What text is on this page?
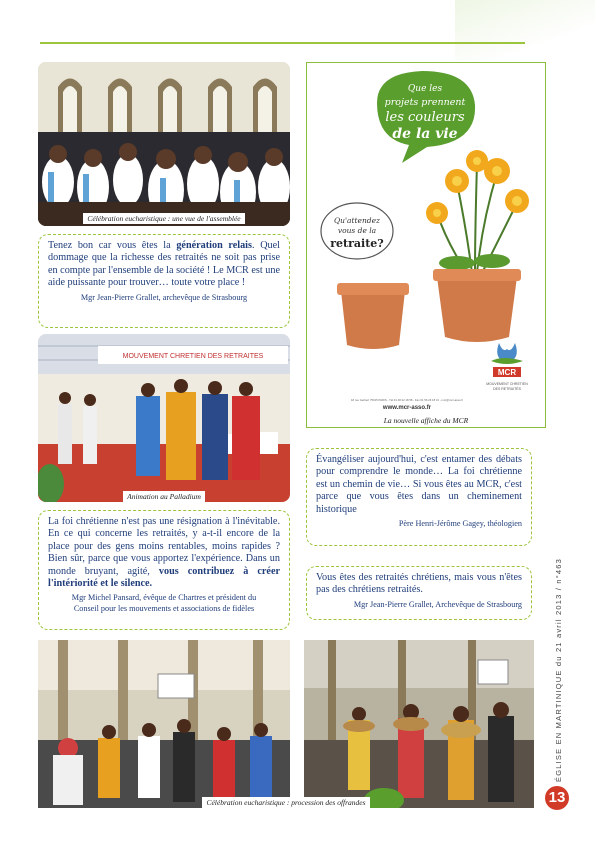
Célébration eucharistique : une vue de l'assemblée

Tenez bon car vous êtes la génération relais. Quel dommage que la richesse des retraités ne soit pas prise en compte par l'ensemble de la société ! Le MCR est une aide puissante pour trouver… toute votre place !

Mgr Jean-Pierre Grallet, archevêque de Strasbourg
MOUVEMENT CHRETIEN DES RETRAITES
Animation au Palladium

La foi chrétienne n'est pas une résignation à l'inévitable. En ce qui concerne les retraités, y a-t-il encore de la place pour des gens moins rentables, moins rapides ? Bien sûr, parce que vous apportez l'expérience. Dans un monde bruyant, agité, vous contribuez à créer l'intériorité et le silence.

Mgr Michel Pansard, évêque de Chartres et président du
Conseil pour les mouvements et associations de fidèles
Que les
projets prennent
les couleurs
de la vie
Qu'attendez
vous de la
retraite?
MCR
MOUVEMENT CHRETIEN
DES RETRAITÉS
18 rue Gerbert 75015 PARIS - Tél 01 48 22 18 58 - Fax 01 56 26 18 31 - mcr@mcr-asso.fr
www.mcr-asso.fr
La nouvelle affiche du MCR

Évangéliser aujourd'hui, c'est entamer des débats pour comprendre le monde… La foi chrétienne est un chemin de vie… Si vous êtes au MCR, c'est parce que vous êtes dans un cheminement historique

Père Henri-Jérôme Gagey, théologien

Vous êtes des retraités chrétiens, mais vous n'êtes pas des chrétiens retraités.

Mgr Jean-Pierre Grallet, Archevêque de Strasbourg
Célébration eucharistique : procession des offrandes
ÉGLISE EN MARTINIQUE du 21 avril 2013 / n°463
13
